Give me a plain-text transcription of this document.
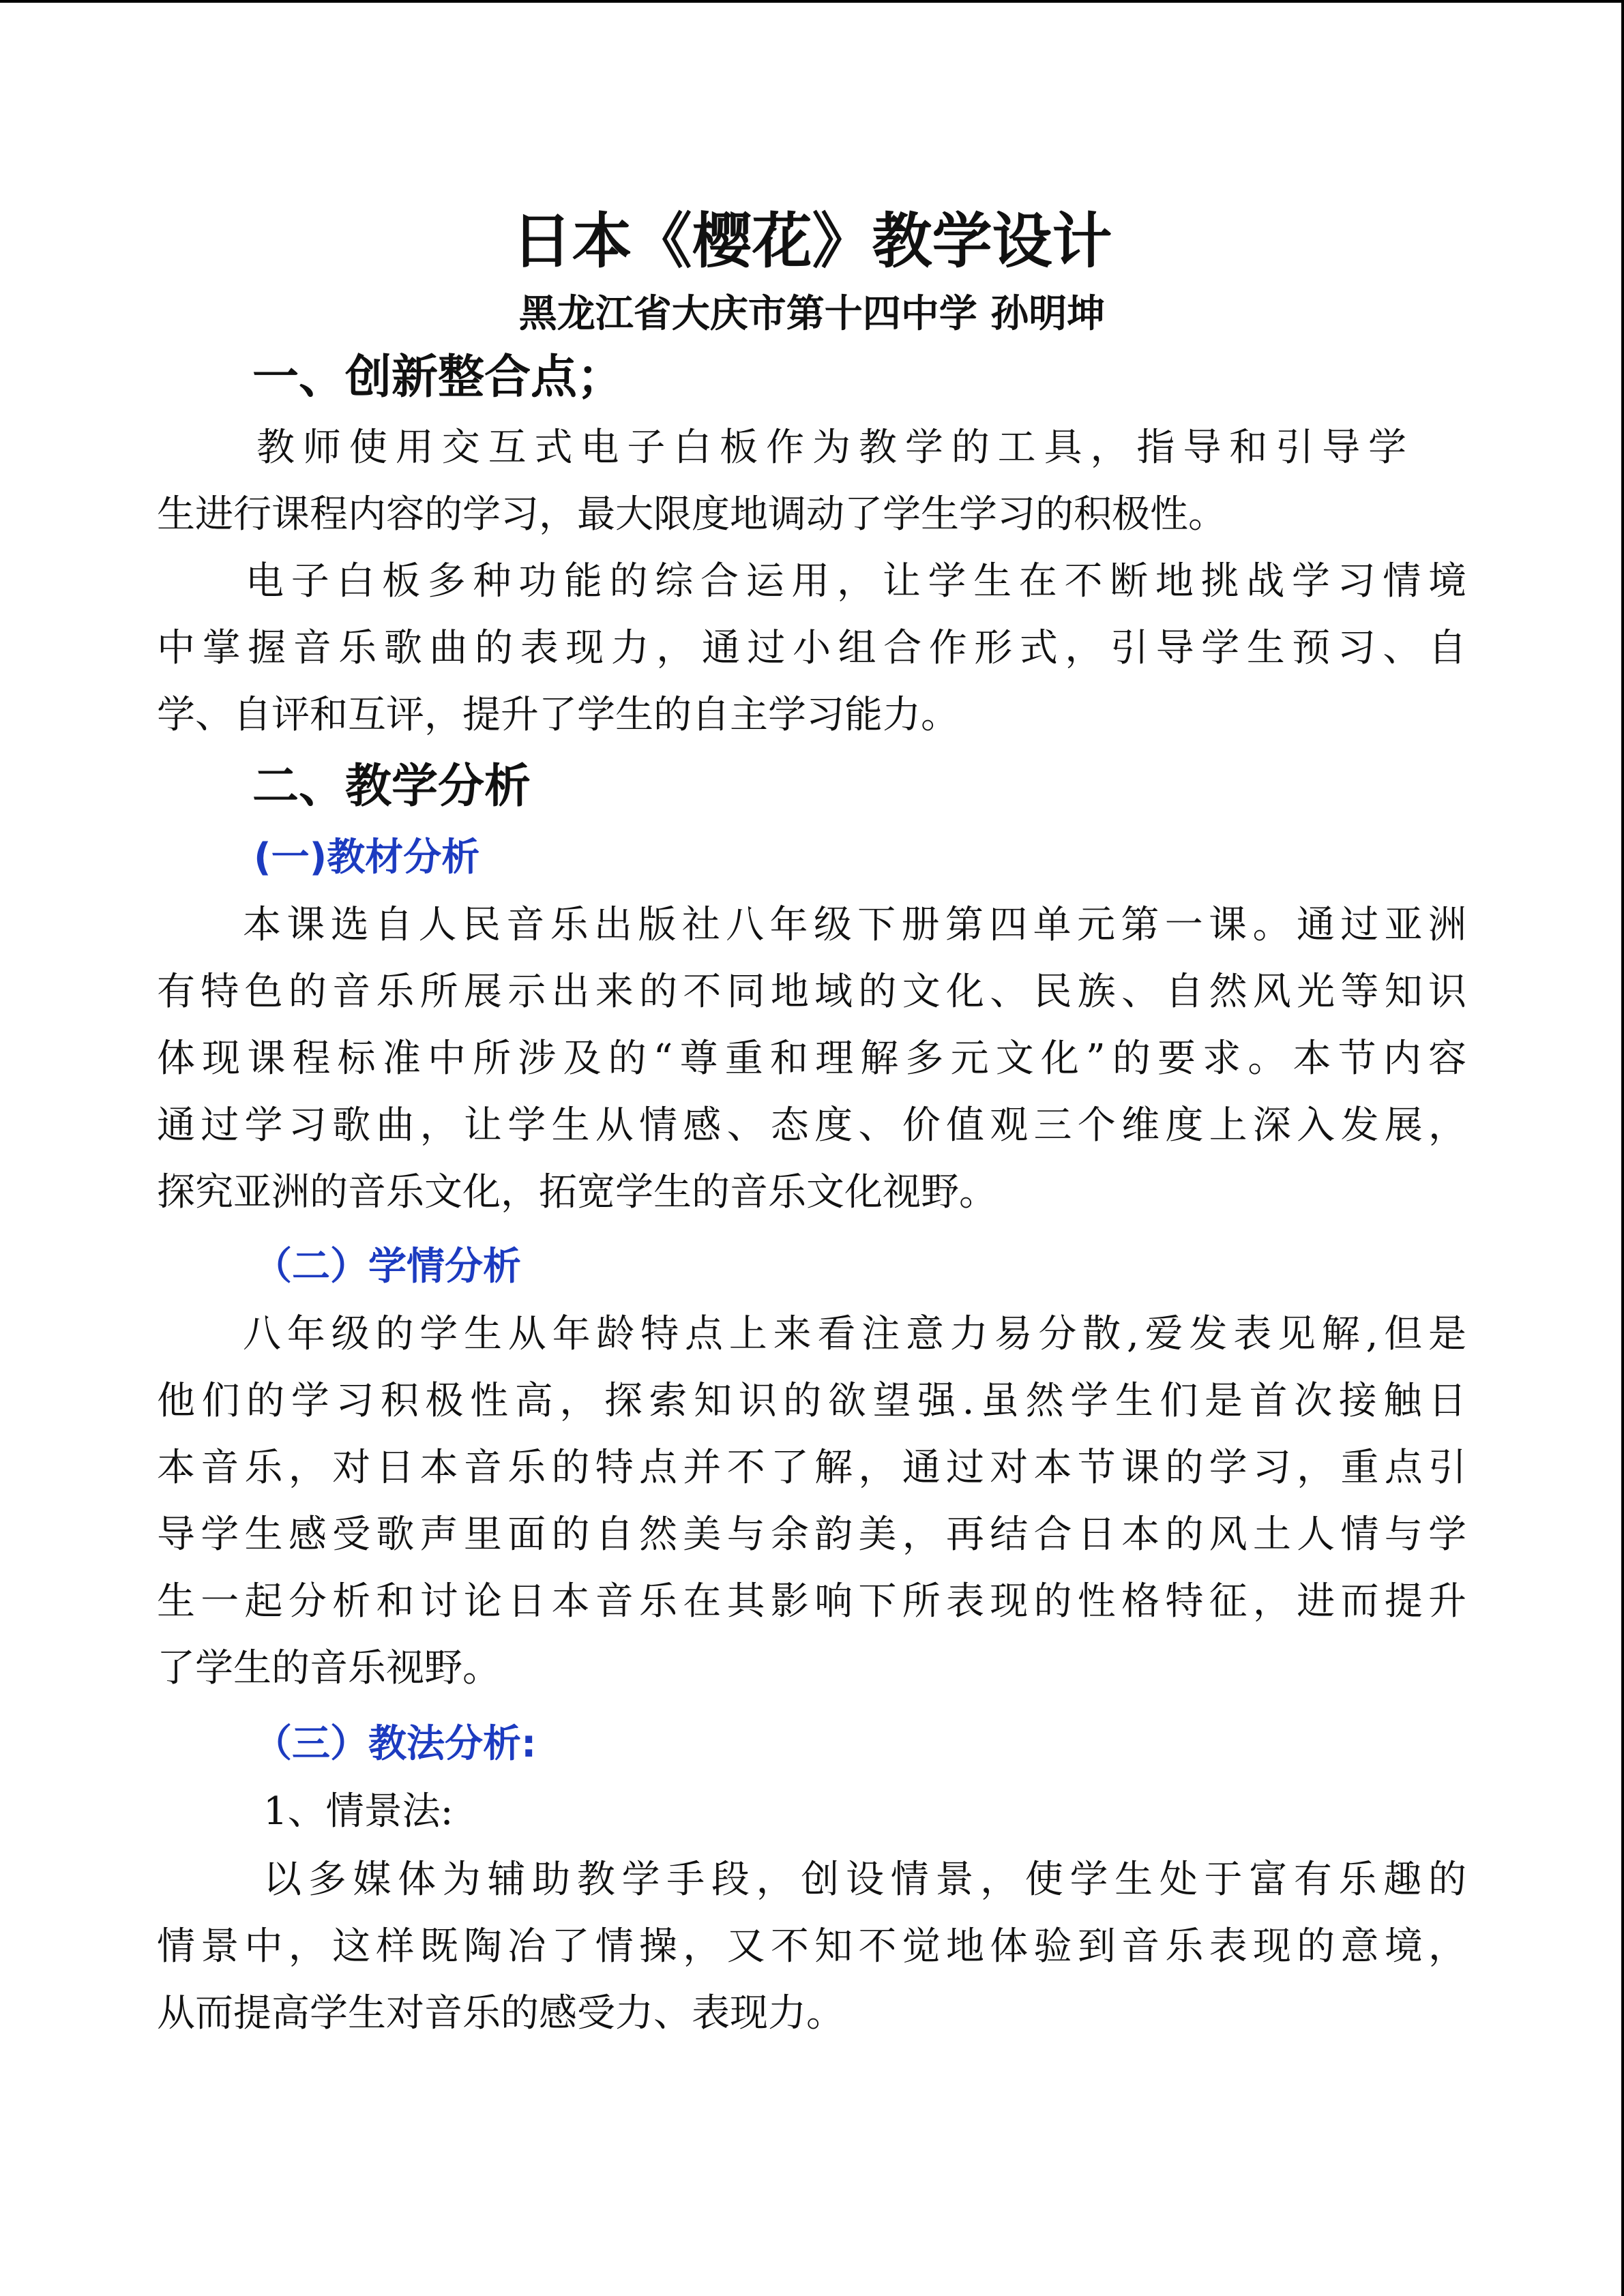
日本《樱花》教学设计
黑龙江省大庆市第十四中学 孙明坤
一、创新整合点；
教师使用交互式电子白板作为教学的工具，指导和引导学
生进行课程内容的学习，最大限度地调动了学生学习的积极性。
电子白板多种功能的综合运用，让学生在不断地挑战学习情境
中掌握音乐歌曲的表现力，通过小组合作形式，引导学生预习、自
学、自评和互评，提升了学生的自主学习能力。
二、教学分析
(一)教材分析
本课选自人民音乐出版社八年级下册第四单元第一课。通过亚洲
有特色的音乐所展示出来的不同地域的文化、民族、自然风光等知识
体现课程标准中所涉及的“尊重和理解多元文化”的要求。本节内容
通过学习歌曲，让学生从情感、态度、价值观三个维度上深入发展，
探究亚洲的音乐文化，拓宽学生的音乐文化视野。
（二）学情分析
八年级的学生从年龄特点上来看注意力易分散,爱发表见解,但是
他们的学习积极性高，探索知识的欲望强.虽然学生们是首次接触日
本音乐，对日本音乐的特点并不了解，通过对本节课的学习，重点引
导学生感受歌声里面的自然美与余韵美，再结合日本的风土人情与学
生一起分析和讨论日本音乐在其影响下所表现的性格特征，进而提升
了学生的音乐视野。
（三）教法分析:
1、情景法:
以多媒体为辅助教学手段，创设情景，使学生处于富有乐趣的
情景中，这样既陶冶了情操，又不知不觉地体验到音乐表现的意境，
从而提高学生对音乐的感受力、表现力。
